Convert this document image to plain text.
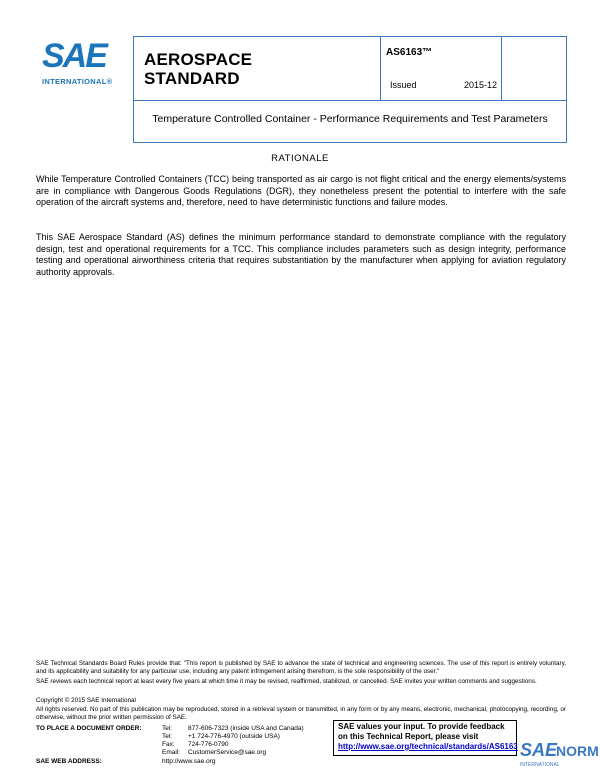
SAE
INTERNATIONAL®
AEROSPACE STANDARD
AS6163™
Issued	2015-12
Temperature Controlled Container - Performance Requirements and Test Parameters
RATIONALE
While Temperature Controlled Containers (TCC) being transported as air cargo is not flight critical and the energy elements/systems are in compliance with Dangerous Goods Regulations (DGR), they nonetheless present the potential to interfere with the safe operation of the aircraft systems and, therefore, need to have deterministic functions and failure modes.
This SAE Aerospace Standard (AS) defines the minimum performance standard to demonstrate compliance with the regulatory design, test and operational requirements for a TCC. This compliance includes parameters such as design integrity, performance testing and operational airworthiness criteria that requires substantiation by the manufacturer when applying for aviation regulatory authority approvals.
SAE Technical Standards Board Rules provide that: "This report is published by SAE to advance the state of technical and engineering sciences. The use of this report is entirely voluntary, and its applicability and suitability for any particular use, including any patent infringement arising therefrom, is the sole responsibility of the user."
SAE reviews each technical report at least every five years at which time it may be revised, reaffirmed, stabilized, or cancelled. SAE invites your written comments and suggestions.
Copyright © 2015 SAE International
All rights reserved. No part of this publication may be reproduced, stored in a retrieval system or transmitted, in any form or by any means, electronic, mechanical, photocopying, recording, or otherwise, without the prior written permission of SAE.
TO PLACE A DOCUMENT ORDER:	Tel:	877-606-7323 (inside USA and Canada)
Tel:	+1 724-776-4970 (outside USA)
Fax:	724-776-0790
Email:	CustomerService@sae.org
SAE WEB ADDRESS:	http://www.sae.org
SAE values your input. To provide feedback
on this Technical Report, please visit
http://www.sae.org/technical/standards/AS6163 SAE
NORM
INTERNATIONAL
